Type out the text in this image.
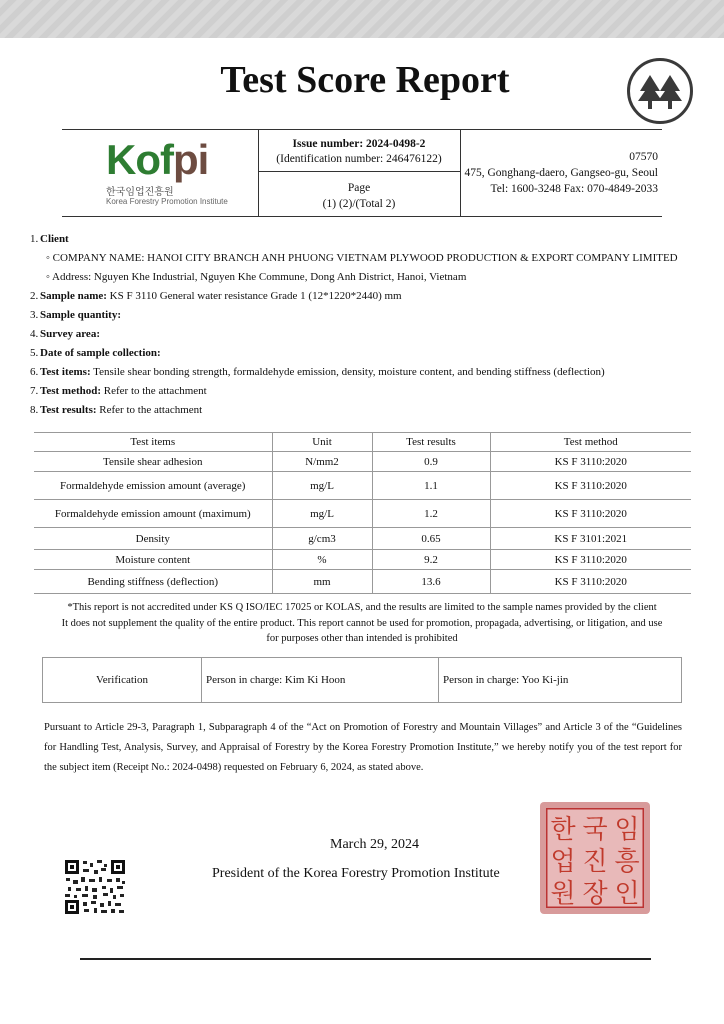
Test Score Report
Kofpi
한국임업진흥원
Korea Forestry Promotion Institute
Issue number: 2024-0498-2
(Identification number: 246476122)
Page
(1) (2)/(Total 2)
07570
475, Gonghang-daero, Gangseo-gu, Seoul
Tel: 1600-3248 Fax: 070-4849-2033
1. Client
◦ COMPANY NAME: HANOI CITY BRANCH ANH PHUONG VIETNAM PLYWOOD PRODUCTION & EXPORT COMPANY LIMITED
◦ Address: Nguyen Khe Industrial, Nguyen Khe Commune, Dong Anh District, Hanoi, Vietnam
2. Sample name: KS F 3110 General water resistance Grade 1 (12*1220*2440) mm
3. Sample quantity:
4. Survey area:
5. Date of sample collection:
6. Test items: Tensile shear bonding strength, formaldehyde emission, density, moisture content, and bending stiffness (deflection)
7. Test method: Refer to the attachment
8. Test results: Refer to the attachment
Test items	Unit	Test results	Test method
Tensile shear adhesion	N/mm2	0.9	KS F 3110:2020
Formaldehyde emission amount (average)	mg/L	1.1	KS F 3110:2020
Formaldehyde emission amount (maximum)	mg/L	1.2	KS F 3110:2020
Density	g/cm3	0.65	KS F 3101:2021
Moisture content	%	9.2	KS F 3110:2020
Bending stiffness (deflection)	mm	13.6	KS F 3110:2020
*This report is not accredited under KS Q ISO/IEC 17025 or KOLAS, and the results are limited to the sample names provided by the client
It does not supplement the quality of the entire product. This report cannot be used for promotion, propagada, advertising, or litigation, and use
for purposes other than intended is prohibited
Verification	Person in charge: Kim Ki Hoon	Person in charge: Yoo Ki-jin
Pursuant to Article 29-3, Paragraph 1, Subparagraph 4 of the “Act on Promotion of Forestry and Mountain Villages” and Article 3 of the “Guidelines for Handling Test, Analysis, Survey, and Appraisal of Forestry by the Korea Forestry Promotion Institute,” we hereby notify you of the test report for the subject item (Receipt No.: 2024-0498) requested on February 6, 2024, as stated above.
March 29, 2024
President of the Korea Forestry Promotion Institute
한 국 임
업 진 흥
원 장 인
